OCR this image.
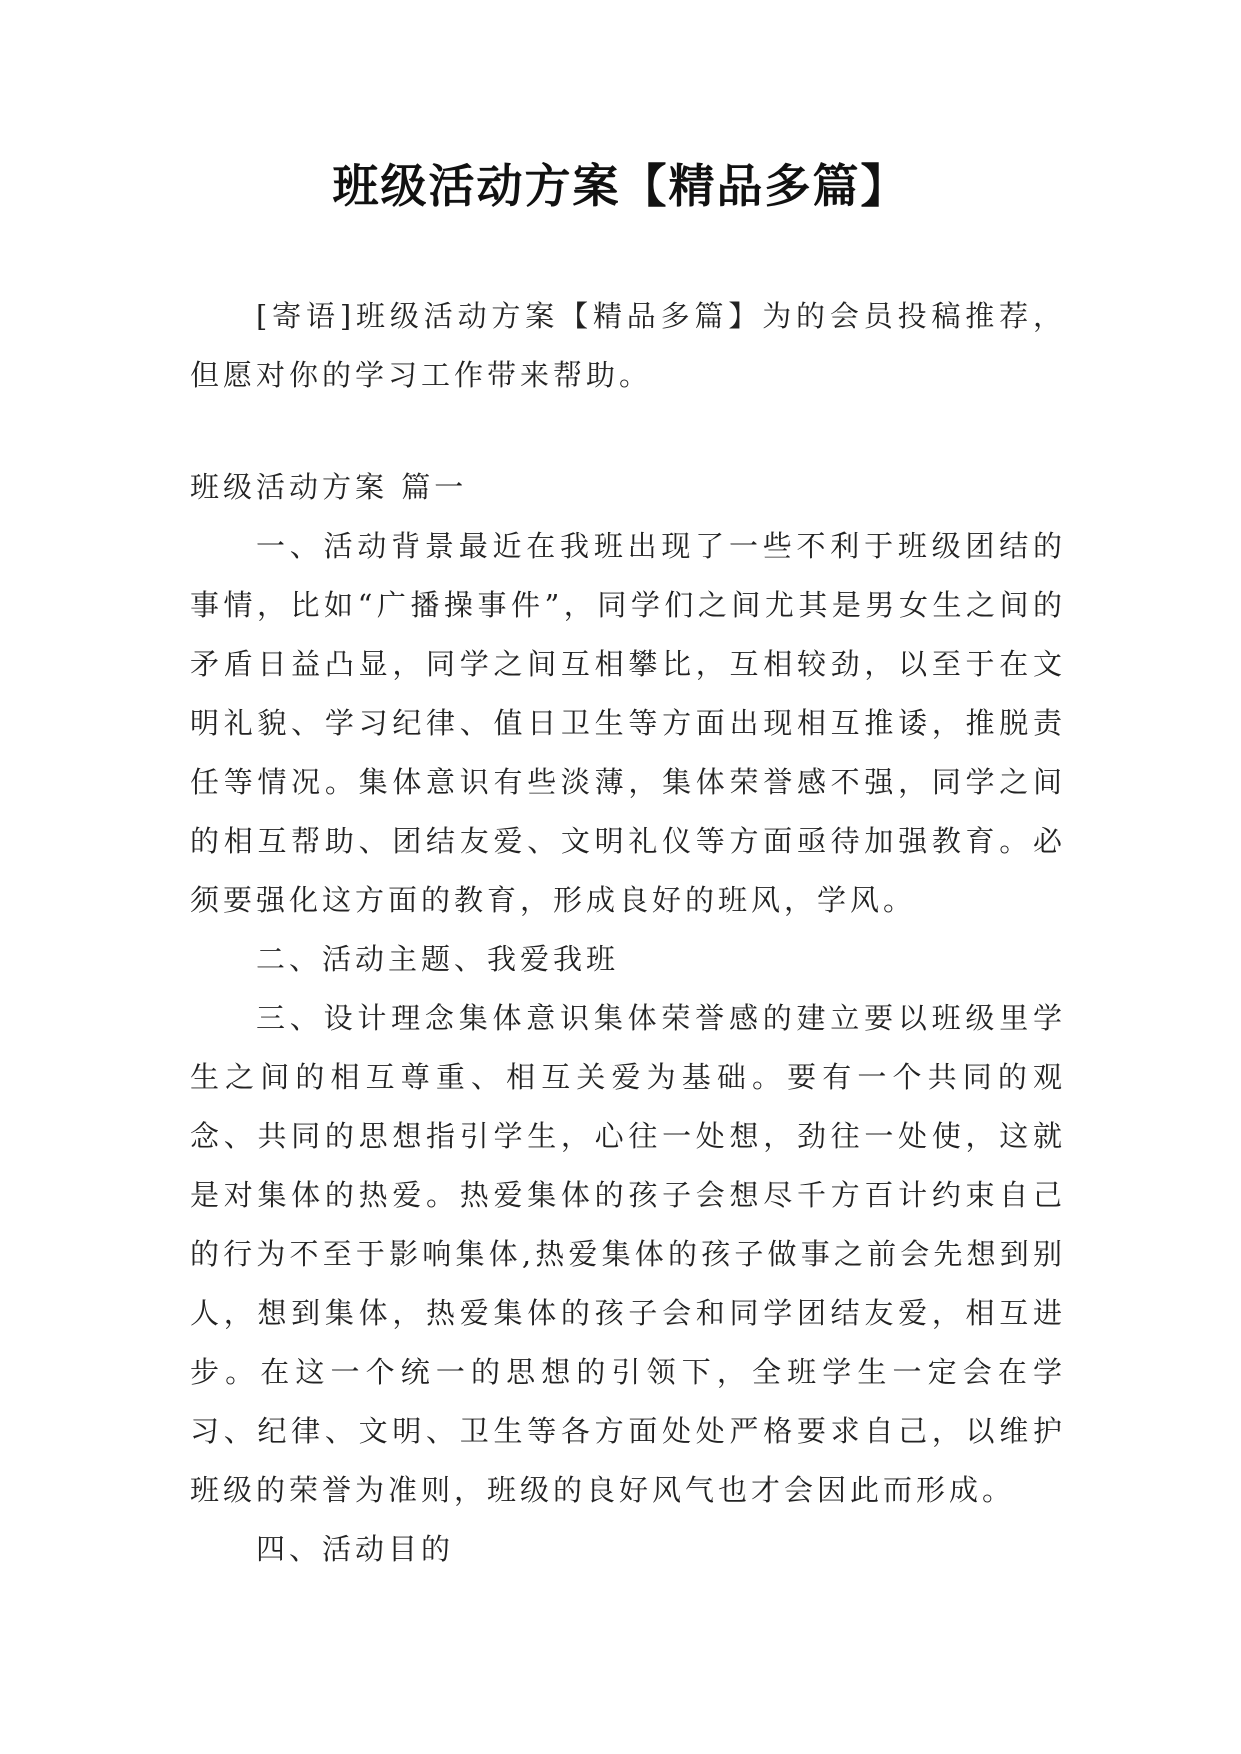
班级活动方案【精品多篇】

[寄语]班级活动方案【精品多篇】为的会员投稿推荐，但愿对你的学习工作带来帮助。

班级活动方案 篇一

一、活动背景最近在我班出现了一些不利于班级团结的事情，比如“广播操事件”，同学们之间尤其是男女生之间的矛盾日益凸显，同学之间互相攀比，互相较劲，以至于在文明礼貌、学习纪律、值日卫生等方面出现相互推诿，推脱责任等情况。集体意识有些淡薄，集体荣誉感不强，同学之间的相互帮助、团结友爱、文明礼仪等方面亟待加强教育。必须要强化这方面的教育，形成良好的班风，学风。

二、活动主题、我爱我班

三、设计理念集体意识集体荣誉感的建立要以班级里学生之间的相互尊重、相互关爱为基础。要有一个共同的观念、共同的思想指引学生，心往一处想，劲往一处使，这就是对集体的热爱。热爱集体的孩子会想尽千方百计约束自己的行为不至于影响集体,热爱集体的孩子做事之前会先想到别人，想到集体，热爱集体的孩子会和同学团结友爱，相互进步。在这一个统一的思想的引领下，全班学生一定会在学习、纪律、文明、卫生等各方面处处严格要求自己，以维护班级的荣誉为准则，班级的良好风气也才会因此而形成。

四、活动目的
